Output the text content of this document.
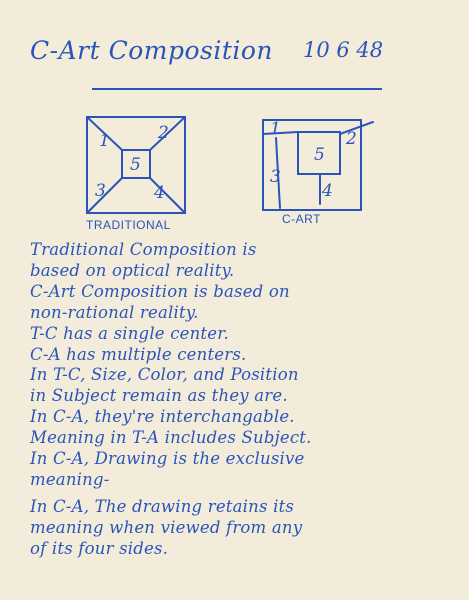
C-Art Composition 10 6 48
1	2
5
3	4
TRADITIONAL
1	2
5
3
4
C-ART
Traditional Composition is
based on optical reality.
C-Art Composition is based on
non-rational reality.
T-C has a single center.
C-A has multiple centers.
In T-C, Size, Color, and Position
in Subject remain as they are.
In C-A, they're interchangable.
Meaning in T-A includes Subject.
In C-A, Drawing is the exclusive
meaning-
In C-A, The drawing retains its
meaning when viewed from any
of its four sides.
